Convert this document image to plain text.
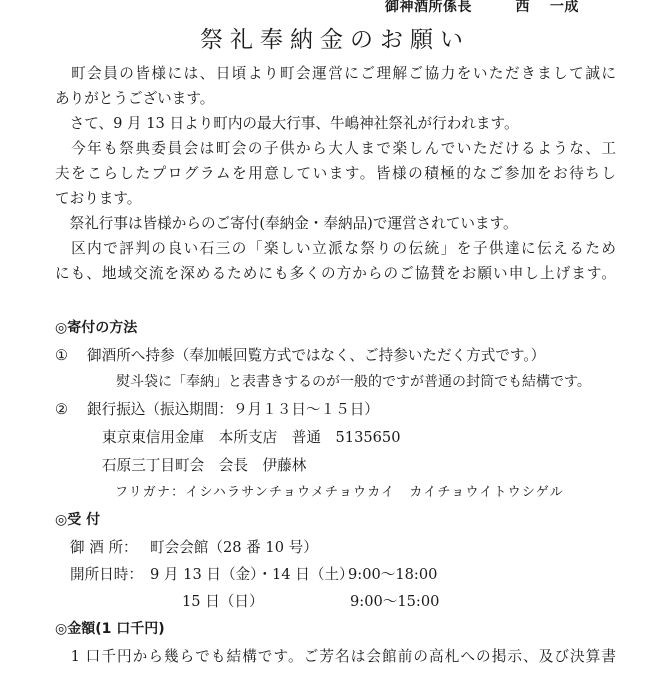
御神酒所係長　　　西　 一成
祭礼奉納金のお願い
　町会員の皆様には、日頃より町会運営にご理解ご協力をいただきまして誠に
ありがとうございます。
　さて、9 月 13 日より町内の最大行事、牛嶋神社祭礼が行われます。
　今年も祭典委員会は町会の子供から大人まで楽しんでいただけるような、工
夫をこらしたプログラムを用意しています。皆様の積極的なご参加をお待ちし
ております。
　祭礼行事は皆様からのご寄付(奉納金・奉納品)で運営されています。
　区内で評判の良い石三の「楽しい立派な祭りの伝統」を子供達に伝えるため
にも、地域交流を深めるためにも多くの方からのご協賛をお願い申し上げます。
◎寄付の方法
① 御酒所へ持参（奉加帳回覧方式ではなく、ご持参いただく方式です。）
熨斗袋に「奉納」と表書きするのが一般的ですが普通の封筒でも結構です。
② 銀行振込（振込期間：９月１３日～１５日）
東京東信用金庫　本所支店　普通　5135650
石原三丁目町会　会長　伊藤林
フリガナ：イシハラサンチョウメチョウカイ　カイチョウイトウシゲル
◎受 付
御 酒 所： 町会会館（28 番 10 号）
開所日時： 9 月 13 日（金）・14 日（土）
9:00～18:00
15 日（日）	9:00～15:00
◎金額(1 口千円)
　1 口千円から幾らでも結構です。ご芳名は会館前の高札への掲示、及び決算書
